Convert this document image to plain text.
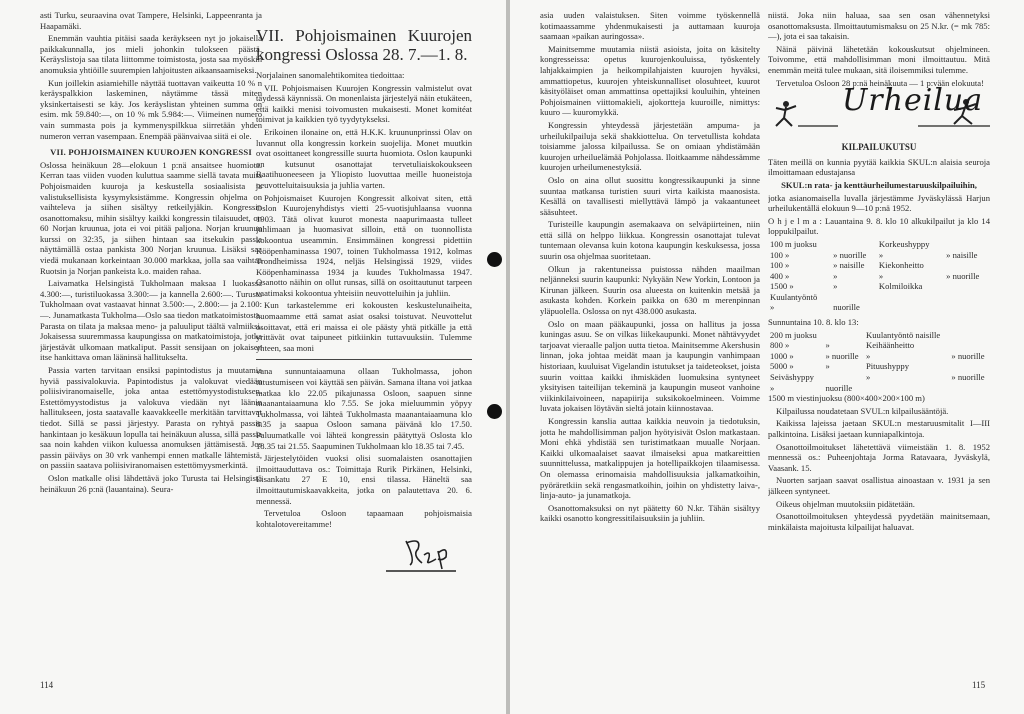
asti Turku, seuraavina ovat Tampere, Helsinki, Lappeenranta ja Haapamäki.

Enemmän vauhtia pitäisi saada keräykseen nyt jo jokaisella paikkakunnalla, jos mieli johonkin tulokseen päästä. Keräyslistoja saa tilata liittomme toimistosta, josta saa myöskin anomuksia yhtiöille suurempien lahjoitusten aikaansaamiseksi.

Kun joillekin asiamiehille näyttää tuottavan vaikeutta 10 % n keräyspalkkion laskeminen, näytämme tässä miten yksinkertaisesti se käy. Jos keräyslistan yhteinen summa on esim. mk 59.840:—, on 10 % mk 5.984:—. Viimeinen numero vain summasta pois ja kymmenyspilkkua siirretään yhden numeron verran vasempaan. Enempää päänvaivaa siitä ei ole.

VII. POHJOISMAINEN KUUROJEN KONGRESSI

Oslossa heinäkuun 28—elokuun 1 p:nä ansaitsee huomiota. Kerran taas viiden vuoden kuluttua saamme siellä tavata muita Pohjoismaiden kuuroja ja keskustella sosiaalisista ja valistuksellisista kysymyksistämme. Kongressin ohjelma on vaihteleva ja siihen sisältyy retkeilyjäkin. Kongressin osanottomaksu, mihin sisältyy kaikki kongressin tilaisuudet, on 60 Norjan kruunua, jota ei voi pitää paljona. Norjan kruunun kurssi on 32:35, ja siihen hintaan saa itsekukin passia näyttämällä ostaa pankista 300 Norjan kruunua. Lisäksi saa viedä mukanaan korkeintaan 30.000 markkaa, jolla saa vaihtaa Ruotsin ja Norjan pankeista k.o. maiden rahaa.

Laivamatka Helsingistä Tukholmaan maksaa I luokassa 4.300:—, turistiluokassa 3.300:— ja kannella 2.600:—. Turusta Tukholmaan ovat vastaavat hinnat 3.500:—, 2.800:— ja 2.100:—. Junamatkasta Tukholma—Oslo saa tiedon matkatoimistosta. Parasta on tilata ja maksaa meno- ja paluuliput täältä valmiiksi. Jokaisessa suuremmassa kaupungissa on matkatoimistoja, jotka järjestävät ulkomaan matkaliput. Passit sensijaan on jokaisen itse hankittava oman lääninsä hallitukselta.

Passia varten tarvitaan ensiksi papintodistus ja muutamia hyviä passivalokuvia. Papintodistus ja valokuvat viedään poliisiviranomaiselle, joka antaa estettömyystodistuksen. Estettömyystodistus ja valokuva viedään nyt läänin hallitukseen, josta saatavalle kaavakkeelle merkitään tarvittavat tiedot. Sillä se passi järjestyy. Parasta on ryhtyä passin hankintaan jo kesäkuun lopulla tai heinäkuun alussa, sillä passia saa noin kahden viikon kuluessa anomuksen jättämisestä. Jos passin päiväys on 30 vrk vanhempi ennen matkalle lähtemistä, on passiin saatava poliisiviranomaisen estettömyysmerkintä.

Oslon matkalle olisi lähdettävä joko Turusta tai Helsingistä heinäkuun 26 p:nä (lauantaina). Seura-

114
VII. Pohjoismainen Kuurojen kongressi Oslossa 28. 7.—1. 8.

Norjalainen sanomalehtikomitea tiedoittaa:

VII. Pohjoismaisen Kuurojen Kongressin valmistelut ovat täydessä käynnissä. On monenlaista järjestelyä näin etukäteen, että kaikki menisi toivomusten mukaisesti. Monet komitéat toimivat ja kaikkien työ tyydytykseksi.

Erikoinen ilonaine on, että H.K.K. kruununprinssi Olav on luvannut olla kongressin korkein suojelija. Monet muutkin ovat osoittaneet kongressille suurta huomiota. Oslon kaupunki on kutsunut osanottajat tervetuliaiskokoukseen Raatihuoneeseen ja Yliopisto luovuttaa meille huoneistoja neuvotteluitaisuuksia ja juhlia varten.

Pohjoismaiset Kuurojen Kongressit alkoivat siten, että Oslon Kuurojenyhdistys vietti 25-vuotisjuhlaansa vuonna 1903. Tätä olivat kuurot monesta naapurimaasta tulleet juhlimaan ja huomasivat silloin, että on tuonnollista kokoontua useammin. Ensimmäinen kongressi pidettiin Kööpenhaminassa 1907, toinen Tukholmassa 1912, kolmas Trondheimissa 1924, neljäs Helsingissä 1929, viides Kööpenhaminassa 1934 ja kuudes Tukholmassa 1947. Osanotto näihin on ollut runsas, sillä on osoittautunut tarpeen vaatimaksi kokoontua yhteisiin neuvotteluihin ja juhliin.

Kun tarkastelemme eri kokousten keskustelunaiheita, huomaamme että samat asiat osaksi toistuvat. Neuvottelut osoittavat, että eri maissa ei ole päästy yhtä pitkälle ja että yrittävät ovat taipuneet pitkiinkin tuttavuuksiin. Tulemme yhteen, saa moni

vana sunnuntaiaamuna ollaan Tukholmassa, johon tutustumiseen voi käyttää sen päivän. Samana iltana voi jatkaa matkaa klo 22.05 pikajunassa Osloon, saapuen sinne maanantaiaamuna klo 7.55. Se joka mieluummin yöpyy Tukholmassa, voi lähteä Tukholmasta maanantaiaamuna klo 8.35 ja saapua Osloon samana päivänä klo 17.50. Paluumatkalle voi lähteä kongressin päätyttyä Oslosta klo 18.35 tai 21.55. Saapuminen Tukholmaan klo 18.35 tai 7.45.

Järjestelytöiden vuoksi olisi suomalaisten osanottajien ilmoittauduttava os.: Toimittaja Rurik Pirkänen, Helsinki, Lisankatu 27 E 10, ensi tilassa. Häneltä saa ilmoittautumiskaavakkeita, jotka on palautettava 20. 6. mennessä.

Tervetuloa Osloon tapaamaan pohjoismaisia kohtalotovereitamme!

asia uuden valaistuksen. Siten voimme työskennellä kotimaassamme yhdenmukaisesti ja auttamaan kuuroja saamaan »paikan auringossa».

Mainitsemme muutamia niistä asioista, joita on käsitelty kongresseissa: opetus kuurojenkouluissa, työskentely lahjakkaimpien ja heikompilahjaisten kuurojen hyväksi, ammattiopetus, kuurojen yhteiskunnalliset olosuhteet, kuurot käsityöläiset oman ammattinsa opettajiksi kouluihin, yhteinen Pohjoismainen viittomakieli, ajokortteja kuuroille, nimittys: kuuro — kuuromykkä.

Kongressin yhteydessä järjestetään ampuma- ja urheilukilpailuja sekä shakkiottelua. On tervetullista kohdata toisiamme jalossa kilpailussa. Se on omiaan yhdistämään kuurojen urheiluelämää Pohjolassa. Iloitkaamme nähdessämme kuurojen urheilumenestyksiä.

Oslo on aina ollut suosittu kongressikaupunki ja sinne suuntaa matkansa turistien suuri virta kaikista maanosista. Kesällä on tavallisesti miellyttävä lämpö ja vakaantuneet sääsuhteet.

Turisteille kaupungin asemakaava on selväpiirteinen, niin että sillä on helppo liikkua. Kongressin osanottajat tulevat tuntemaan olevansa kuin kotona kaupungin keskuksessa, jossa suurin osa ohjelmaa suoritetaan.

Olkun ja rakentuneissa puistossa nähden maailman neljänneksi suurin kaupunki: Nykyään New Yorkin, Lontoon ja Kirunan jälkeen. Suurin osa alueesta on kuitenkin metsää ja asukasta kohden. Korkein paikka on 630 m merenpinnan yläpuolella. Oslossa on nyt 438.000 asukasta.

Oslo on maan pääkaupunki, jossa on hallitus ja jossa kuningas asuu. Se on vilkas liikekaupunki. Monet nähtävyydet tarjoavat vieraalle paljon uutta tietoa. Mainitsemme Akershusin linnan, joka johtaa meidät maan ja kaupungin vanhimpaan historiaan, kuuluisat Vigelandin istutukset ja taideteokset, joista suurin voittaa kaikki ihmiskäden luomuksina syntyneet yksityisen taiteilijan tekeminä ja kaupungin museot vanhoine viikinkilaivoineen, napapiirija suksikokoelmineen. Voimme luvata jokaisen löytävän sieltä jotain kiinnostavaa.

Kongressin kanslia auttaa kaikkia neuvoin ja tiedotuksin, jotta he mahdollisimman paljon hyötyisivät Oslon matkastaan. Moni ehkä yhdistää sen turistimatkaan muualle Norjaan. Kaikki ulkomaalaiset saavat ilmaiseksi apua matkareittien suunnittelussa, matkalippujen ja hotellipaikkojen tilaamisessa. On olemassa erinomaisia mahdollisuuksia jalkamatkoihin, pyöräretkiin sekä rengasmatkoihin, joihin on yhdistetty laiva-, linja-auto- ja junamatkoja.

Osanottomaksuksi on nyt päätetty 60 N.kr. Tähän sisältyy kaikki osanotto kongressitilaisuuksiin ja juhliin.

niistä. Joka niin haluaa, saa sen osan vähennetyksi osanottomaksusta. Ilmoittautumismaksu on 25 N.kr. (= mk 785:—), jota ei saa takaisin.

Näinä päivinä lähetetään kokouskutsut ohjelmineen. Toivomme, että mahdollisimman moni ilmoittautuu. Mitä enemmän meitä tulee mukaan, sitä iloisemmiksi tulemme.

Tervetuloa Osloon 28 p:nä heinäkuuta — 1 p:vään elokuuta!

Urheilua
KILPAILUKUTSU

Täten meillä on kunnia pyytää kaikkia SKUL:n alaisia seuroja ilmoittamaan edustajansa

SKUL:n rata- ja kenttäurheilumestaruuskilpailuihin,

jotka asianomaisella luvalla järjestämme Jyväskylässä Harjun urheilukentällä elokuun 9—10 p:nä 1952.

O h j e l m a : Lauantaina 9. 8. klo 10 alkukilpailut ja klo 14 loppukilpailut.

100 m juoksu		Korkeushyppy	
100 »	» nuorille	»	» naisille
100 »	» naisille	Kiekonheitto	
400 »	»	»	» nuorille
1500 »	»	Kolmiloikka	
Kuulantyöntö			
»	nuorille		

Sunnuntaina 10. 8. klo 13:

200 m juoksu		Kuulantyöntö naisille	
800 »	»	Keihäänheitto	
1000 »	» nuorille	»	» nuorille
5000 »	»	Pituushyppy	
Seiväshyppy		»	» nuorille
»	nuorille		

1500 m viestinjuoksu (800×400×200×100 m)

Kilpailussa noudatetaan SVUL:n kilpailusääntöjä.

Kaikissa lajeissa jaetaan SKUL:n mestaruusmitalit I—III palkintoina. Lisäksi jaetaan kunniapalkintoja.

Osanottoilmoitukset lähetettävä viimeistään 1. 8. 1952 mennessä os.: Puheenjohtaja Jorma Ratavaara, Jyväskylä, Vaasank. 15.

Nuorten sarjaan saavat osallistua ainoastaan v. 1931 ja sen jälkeen syntyneet.

Oikeus ohjelman muutoksiin pidätetään.

Osanottoilmoituksen yhteydessä pyydetään mainitsemaan, minkälaista majoitusta kilpailijat haluavat.

115
